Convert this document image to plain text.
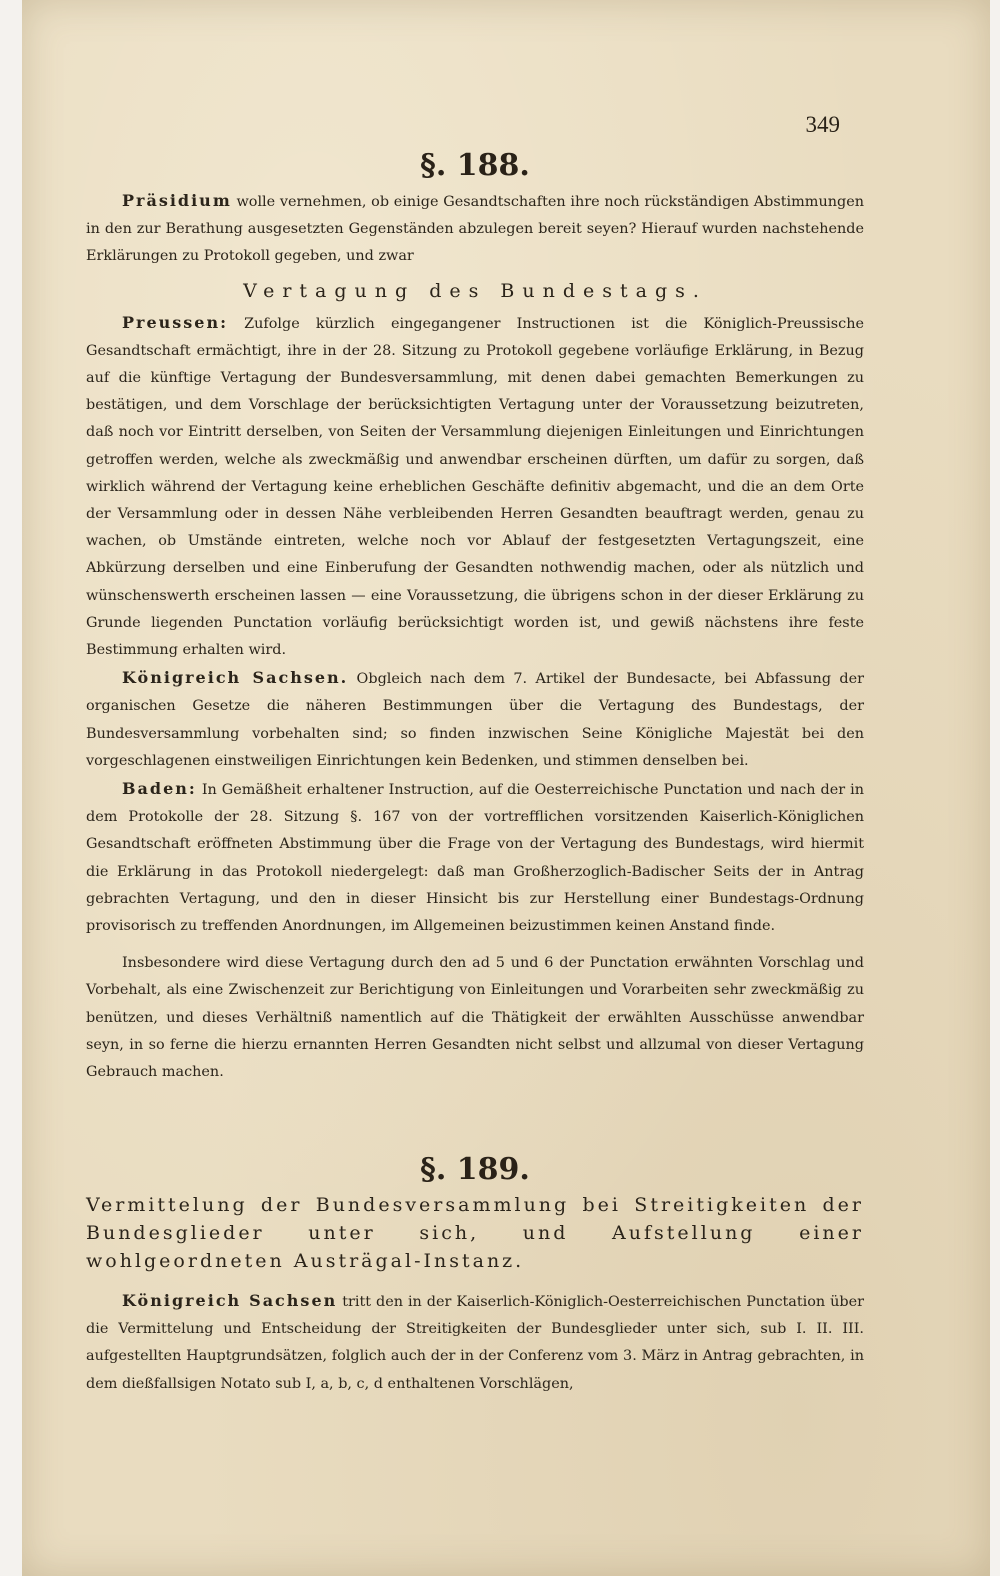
349
§. 188.

Präsidium wolle vernehmen, ob einige Gesandtschaften ihre noch rückständigen Abstimmungen in den zur Berathung ausgesetzten Gegenständen abzulegen bereit seyen? Hierauf wurden nachstehende Erklärungen zu Protokoll gegeben, und zwar

Vertagung des Bundestags.

Preussen: Zufolge kürzlich eingegangener Instructionen ist die Königlich-Preussische Gesandtschaft ermächtigt, ihre in der 28. Sitzung zu Protokoll gegebene vorläufige Erklärung, in Bezug auf die künftige Vertagung der Bundesversammlung, mit denen dabei gemachten Bemerkungen zu bestätigen, und dem Vorschlage der berücksichtigten Vertagung unter der Voraussetzung beizutreten, daß noch vor Eintritt derselben, von Seiten der Versammlung diejenigen Einleitungen und Einrichtungen getroffen werden, welche als zweckmäßig und anwendbar erscheinen dürften, um dafür zu sorgen, daß wirklich während der Vertagung keine erheblichen Geschäfte definitiv abgemacht, und die an dem Orte der Versammlung oder in dessen Nähe verbleibenden Herren Gesandten beauftragt werden, genau zu wachen, ob Umstände eintreten, welche noch vor Ablauf der festgesetzten Vertagungszeit, eine Abkürzung derselben und eine Einberufung der Gesandten nothwendig machen, oder als nützlich und wünschenswerth erscheinen lassen — eine Voraussetzung, die übrigens schon in der dieser Erklärung zu Grunde liegenden Punctation vorläufig berücksichtigt worden ist, und gewiß nächstens ihre feste Bestimmung erhalten wird.

Königreich Sachsen. Obgleich nach dem 7. Artikel der Bundesacte, bei Abfassung der organischen Gesetze die näheren Bestimmungen über die Vertagung des Bundestags, der Bundesversammlung vorbehalten sind; so finden inzwischen Seine Königliche Majestät bei den vorgeschlagenen einstweiligen Einrichtungen kein Bedenken, und stimmen denselben bei.

Baden: In Gemäßheit erhaltener Instruction, auf die Oesterreichische Punctation und nach der in dem Protokolle der 28. Sitzung §. 167 von der vortrefflichen vorsitzenden Kaiserlich-Königlichen Gesandtschaft eröffneten Abstimmung über die Frage von der Vertagung des Bundestags, wird hiermit die Erklärung in das Protokoll niedergelegt: daß man Großherzoglich-Badischer Seits der in Antrag gebrachten Vertagung, und den in dieser Hinsicht bis zur Herstellung einer Bundestags-Ordnung provisorisch zu treffenden Anordnungen, im Allgemeinen beizustimmen keinen Anstand finde.

Insbesondere wird diese Vertagung durch den ad 5 und 6 der Punctation erwähnten Vorschlag und Vorbehalt, als eine Zwischenzeit zur Berichtigung von Einleitungen und Vorarbeiten sehr zweckmäßig zu benützen, und dieses Verhältniß namentlich auf die Thätigkeit der erwählten Ausschüsse anwendbar seyn, in so ferne die hierzu ernannten Herren Gesandten nicht selbst und allzumal von dieser Vertagung Gebrauch machen.

§. 189.
Vermittelung der Bundesversammlung bei Streitigkeiten der Bundesglieder unter sich, und Aufstellung einer wohlgeordneten Austrägal-Instanz.

Königreich Sachsen tritt den in der Kaiserlich-Königlich-Oesterreichischen Punctation über die Vermittelung und Entscheidung der Streitigkeiten der Bundesglieder unter sich, sub I. II. III. aufgestellten Hauptgrundsätzen, folglich auch der in der Conferenz vom 3. März in Antrag gebrachten, in dem dießfallsigen Notato sub I, a, b, c, d enthaltenen Vorschlägen,
